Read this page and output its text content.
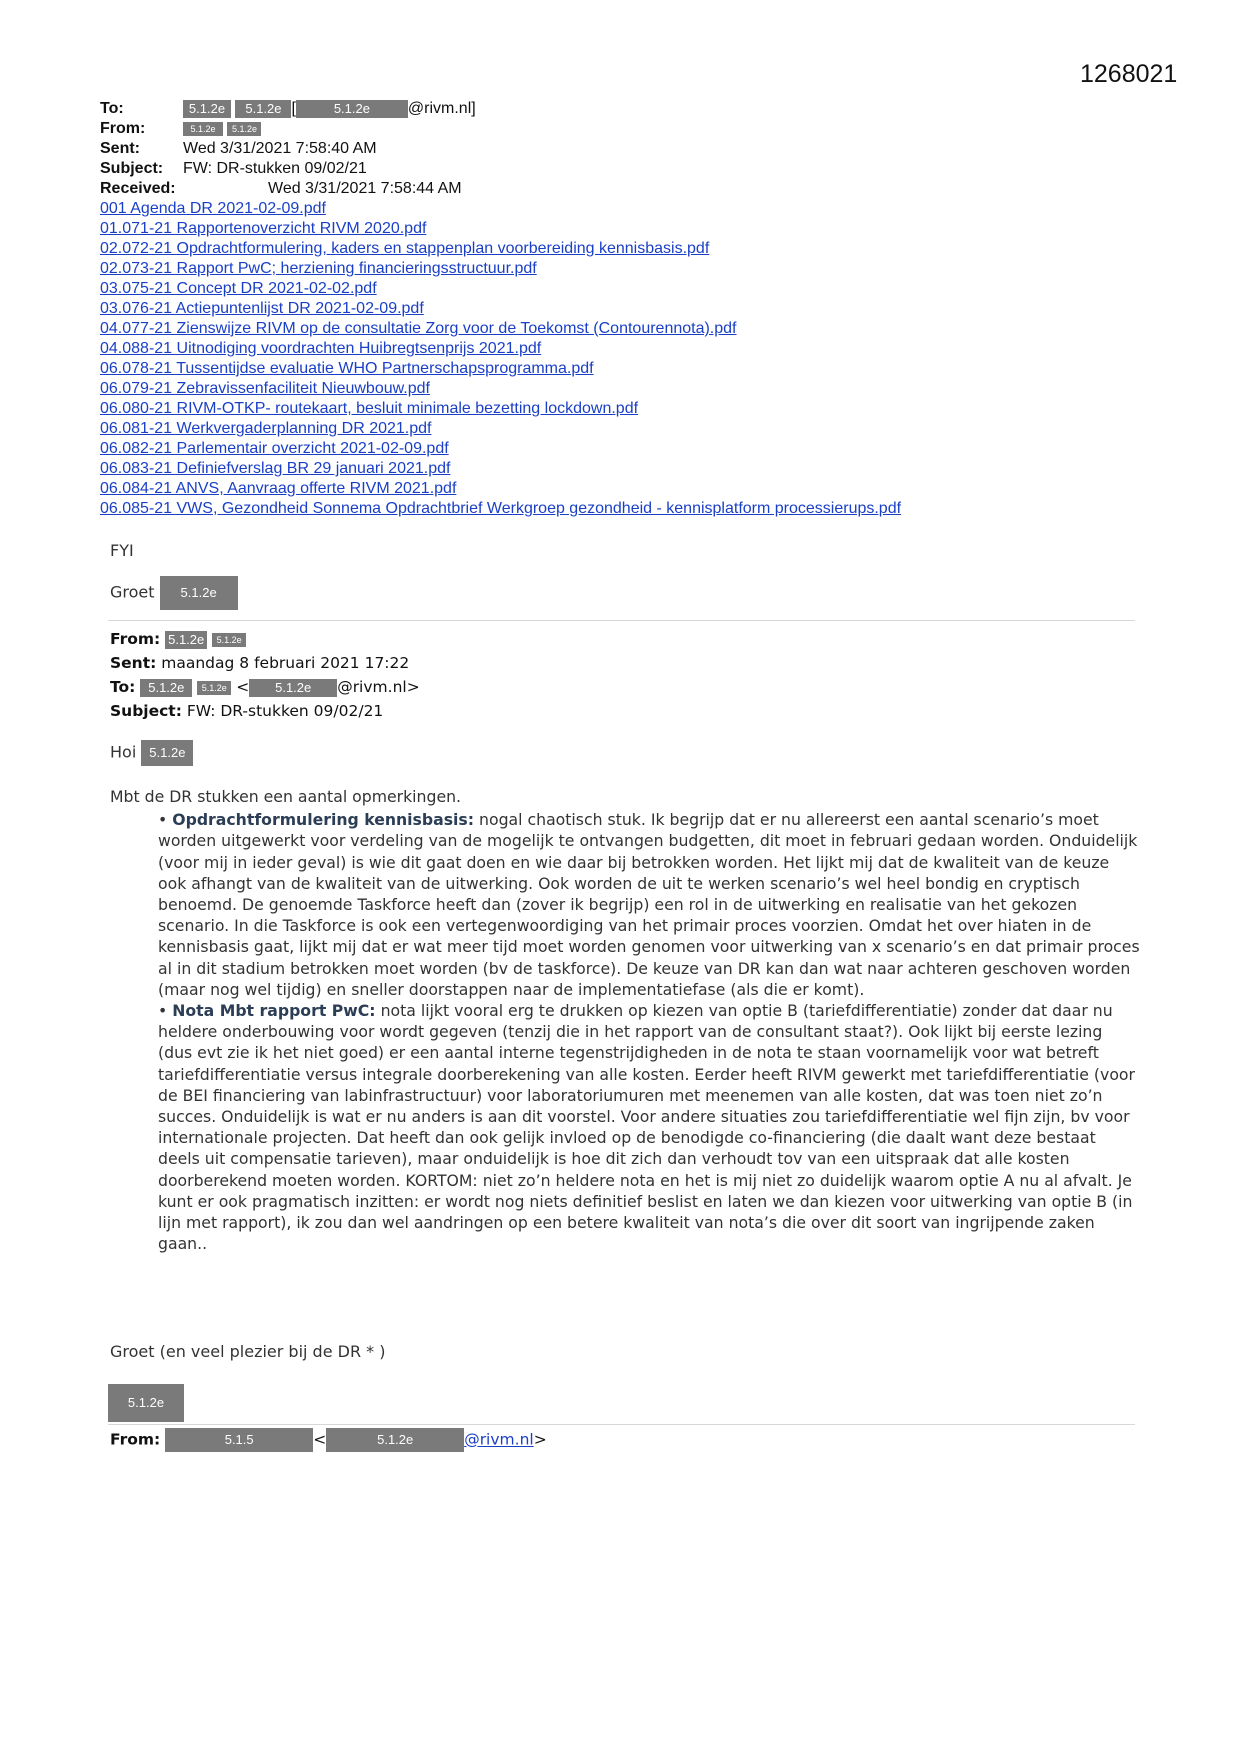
1268021
To:	5.1.2e 5.1.2e [	5.1.2e @rivm.nl]
From:	5.1.2e 5.1.2e
Sent:	Wed 3/31/2021 7:58:40 AM
Subject: FW: DR-stukken 09/02/21
Received:	Wed 3/31/2021 7:58:44 AM
001 Agenda DR 2021-02-09.pdf
01.071-21 Rapportenoverzicht RIVM 2020.pdf
02.072-21 Opdrachtformulering, kaders en stappenplan voorbereiding kennisbasis.pdf
02.073-21 Rapport PwC; herziening financieringsstructuur.pdf
03.075-21 Concept DR 2021-02-02.pdf
03.076-21 Actiepuntenlijst DR 2021-02-09.pdf
04.077-21 Zienswijze RIVM op de consultatie Zorg voor de Toekomst (Contourennota).pdf
04.088-21 Uitnodiging voordrachten Huibregtsenprijs 2021.pdf
06.078-21 Tussentijdse evaluatie WHO Partnerschapsprogramma.pdf
06.079-21 Zebravissenfaciliteit Nieuwbouw.pdf
06.080-21 RIVM-OTKP- routekaart, besluit minimale bezetting lockdown.pdf
06.081-21 Werkvergaderplanning DR 2021.pdf
06.082-21 Parlementair overzicht 2021-02-09.pdf
06.083-21 Definiefverslag BR 29 januari 2021.pdf
06.084-21 ANVS, Aanvraag offerte RIVM 2021.pdf
06.085-21 VWS, Gezondheid Sonnema Opdrachtbrief Werkgroep gezondheid - kennisplatform processierups.pdf
FYI
Groet 5.1.2e
From: 5.1.2e 5.1.2e
Sent: maandag 8 februari 2021 17:22
To: 5.1.2e 5.1.2e < 5.1.2e @rivm.nl>
Subject: FW: DR-stukken 09/02/21
Hoi 5.1.2e
Mbt de DR stukken een aantal opmerkingen.
• Opdrachtformulering kennisbasis: nogal chaotisch stuk. Ik begrijp dat er nu allereerst een aantal scenario’s moet worden uitgewerkt voor verdeling van de mogelijk te ontvangen budgetten, dit moet in februari gedaan worden. Onduidelijk (voor mij in ieder geval) is wie dit gaat doen en wie daar bij betrokken worden. Het lijkt mij dat de kwaliteit van de keuze ook afhangt van de kwaliteit van de uitwerking. Ook worden de uit te werken scenario’s wel heel bondig en cryptisch benoemd. De genoemde Taskforce heeft dan (zover ik begrijp) een rol in de uitwerking en realisatie van het gekozen scenario. In die Taskforce is ook een vertegenwoordiging van het primair proces voorzien. Omdat het over hiaten in de kennisbasis gaat, lijkt mij dat er wat meer tijd moet worden genomen voor uitwerking van x scenario’s en dat primair proces al in dit stadium betrokken moet worden (bv de taskforce). De keuze van DR kan dan wat naar achteren geschoven worden (maar nog wel tijdig) en sneller doorstappen naar de implementatiefase (als die er komt).
• Nota Mbt rapport PwC: nota lijkt vooral erg te drukken op kiezen van optie B (tariefdifferentiatie) zonder dat daar nu heldere onderbouwing voor wordt gegeven (tenzij die in het rapport van de consultant staat?). Ook lijkt bij eerste lezing (dus evt zie ik het niet goed) er een aantal interne tegenstrijdigheden in de nota te staan voornamelijk voor wat betreft tariefdifferentiatie versus integrale doorberekening van alle kosten. Eerder heeft RIVM gewerkt met tariefdifferentiatie (voor de BEI financiering van labinfrastructuur) voor laboratoriumuren met meenemen van alle kosten, dat was toen niet zo’n succes. Onduidelijk is wat er nu anders is aan dit voorstel. Voor andere situaties zou tariefdifferentiatie wel fijn zijn, bv voor internationale projecten. Dat heeft dan ook gelijk invloed op de benodigde co-financiering (die daalt want deze bestaat deels uit compensatie tarieven), maar onduidelijk is hoe dit zich dan verhoudt tov van een uitspraak dat alle kosten doorberekend moeten worden. KORTOM: niet zo’n heldere nota en het is mij niet zo duidelijk waarom optie A nu al afvalt. Je kunt er ook pragmatisch inzitten: er wordt nog niets definitief beslist en laten we dan kiezen voor uitwerking van optie B (in lijn met rapport), ik zou dan wel aandringen op een betere kwaliteit van nota’s die over dit soort van ingrijpende zaken gaan..
Groet (en veel plezier bij de DR * )
5.1.2e
From:	5.1.5	<	5.1.2e	@rivm.nl>
